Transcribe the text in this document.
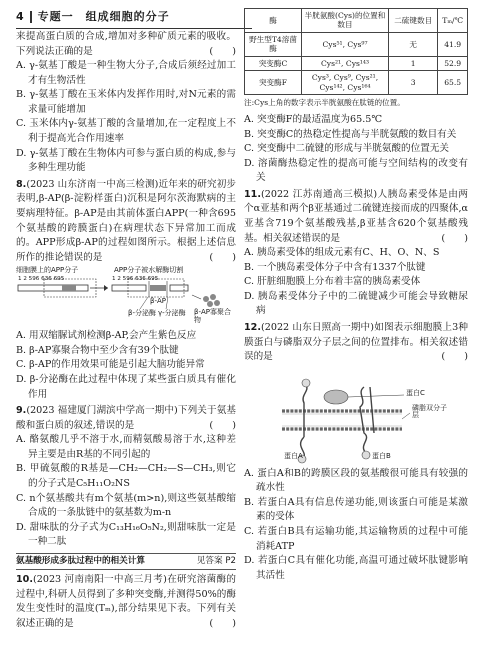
4 专题一　组成细胞的分子

来提高蛋白质的合成,增加对多种矿质元素的吸收。下列说法正确的是	(　　)

A. γ-氨基丁酸是一种生物大分子,合成后须经过加工才有生物活性

B. γ-氨基丁酸在玉米体内发挥作用时,对N元素的需求量可能增加

C. 玉米体内γ-氨基丁酸的含量增加,在一定程度上不利于提高光合作用速率

D. γ-氨基丁酸在生物体内可参与蛋白质的构成,参与多种生理功能

8.(2023 山东济南一中高三检测)近年来的研究初步表明,β-AP(β-淀粉样蛋白)沉积是阿尔茨海默病的主要病理特征。β-AP是由其前体蛋白APP(一种含695个氨基酸的跨膜蛋白)在病理状态下异常加工而成的。APP形成β-AP的过程如图所示。根据上述信息所作的推论错误的是	(　　)

细胞膜上的APP分子	APP分子被水解酶切割
1 2 596 636 695	1 2 596 636 695
β-分泌酶 γ-分泌酶
β-AP
β-AP寡聚合物

A. 用双缩脲试剂检测β-AP,会产生紫色反应

B. β-AP寡聚合物中至少含有39个肽键

C. β-AP的作用效果可能是引起大脑功能异常

D. β-分泌酶在此过程中体现了某些蛋白质具有催化作用

9.(2023 福建厦门湖滨中学高一期中)下列关于氨基酸和蛋白质的叙述,错误的是	(　　)

A. 酪氨酸几乎不溶于水,而精氨酸易溶于水,这种差异主要是由R基的不同引起的

B. 甲硫氨酸的R基是—CH₂—CH₂—S—CH₃,则它的分子式是C₅H₁₁O₂NS

C. n个氨基酸共有m个氨基(m>n),则这些氨基酸缩合成的一条肽链中的氨基数为m-n

D. 甜味肽的分子式为C₁₃H₁₆O₅N₂,则甜味肽一定是一种二肽

氨基酸形成多肽过程中的相关计算	见答案 P2

10.(2023 河南南阳一中高三月考)在研究溶菌酶的过程中,科研人员得到了多种突变酶,并测得50%的酶发生变性时的温度(Tₘ),部分结果见下表。下列有关叙述正确的是	(　　)

酶	半胱氨酸(Cys)的位置和数目	二硫键数目	Tₘ/℃
野生型T4溶菌酶	Cys⁵¹, Cys⁹⁷	无	41.9
突变酶C	Cys²¹, Cys¹⁴³	1	52.9
突变酶F	Cys³, Cys⁹, Cys²¹, Cys¹⁴², Cys¹⁶⁴	3	65.5

注:Cys上角的数字表示半胱氨酸在肽链的位置。

A. 突变酶F的最适温度为65.5℃

B. 突变酶C的热稳定性提高与半胱氨酸的数目有关

C. 突变酶中二硫键的形成与半胱氨酸的位置无关

D. 溶菌酶热稳定性的提高可能与空间结构的改变有关

11.(2022 江苏南通高三模拟)人胰岛素受体是由两个α亚基和两个β亚基通过二硫键连接而成的四聚体,α亚基含719个氨基酸残基,β亚基含620个氨基酸残基。相关叙述错误的是	(　　)

A. 胰岛素受体的组成元素有C、H、O、N、S

B. 一个胰岛素受体分子中含有1337个肽键

C. 肝脏细胞膜上分布着丰富的胰岛素受体

D. 胰岛素受体分子中的二硫键减少可能会导致糖尿病

12.(2022 山东日照高一期中)如图表示细胞膜上3种膜蛋白与磷脂双分子层之间的位置排布。相关叙述错误的是	(　　)

蛋白C
磷脂双分子层
蛋白A	蛋白B

A. 蛋白A和B的跨膜区段的氨基酸很可能具有较强的疏水性

B. 若蛋白A具有信息传递功能,则该蛋白可能是某激素的受体

C. 若蛋白B具有运输功能,其运输物质的过程中可能消耗ATP

D. 若蛋白C具有催化功能,高温可通过破坏肽键影响其活性
